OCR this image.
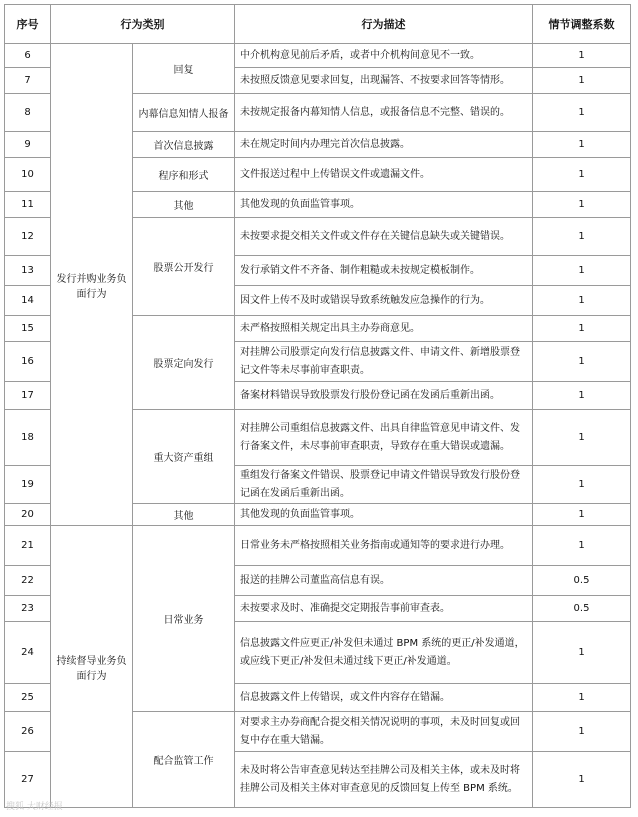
序号	行为类别		行为描述	情节调整系数
6	发行并购业务负面行为	回复	中介机构意见前后矛盾，或者中介机构间意见不一致。	1
7			未按照反馈意见要求回复，出现漏答、不按要求回答等情形。	1
8		内幕信息知情人报备	未按规定报备内幕知情人信息，或报备信息不完整、错误的。	1
9		首次信息披露	未在规定时间内办理完首次信息披露。	1
10		程序和形式	文件报送过程中上传错误文件或遗漏文件。	1
11		其他	其他发现的负面监管事项。	1
12		股票公开发行	未按要求提交相关文件或文件存在关键信息缺失或关键错误。	1
13			发行承销文件不齐备、制作粗糙或未按规定模板制作。	1
14			因文件上传不及时或错误导致系统触发应急操作的行为。	1
15		股票定向发行	未严格按照相关规定出具主办券商意见。	1
16			对挂牌公司股票定向发行信息披露文件、申请文件、新增股票登记文件等未尽事前审查职责。	1
17			备案材料错误导致股票发行股份登记函在发函后重新出函。	1
18		重大资产重组	对挂牌公司重组信息披露文件、出具自律监管意见申请文件、发行备案文件，未尽事前审查职责，导致存在重大错误或遗漏。	1
19			重组发行备案文件错误、股票登记申请文件错误导致发行股份登记函在发函后重新出函。	1
20		其他	其他发现的负面监管事项。	1
21	持续督导业务负面行为	日常业务	日常业务未严格按照相关业务指南或通知等的要求进行办理。	1
22			报送的挂牌公司董监高信息有误。	0.5
23			未按要求及时、准确提交定期报告事前审查表。	0.5
24			信息披露文件应更正/补发但未通过 BPM 系统的更正/补发通道，或应线下更正/补发但未通过线下更正/补发通道。	1
25			信息披露文件上传错误，或文件内容存在错漏。	1
26		配合监管工作	对要求主办券商配合提交相关情况说明的事项，未及时回复或回复中存在重大错漏。	1
27			未及时将公告审查意见转达至挂牌公司及相关主体，或未及时将挂牌公司及相关主体对审查意见的反馈回复上传至 BPM 系统。	1
搜狐 大财经报
